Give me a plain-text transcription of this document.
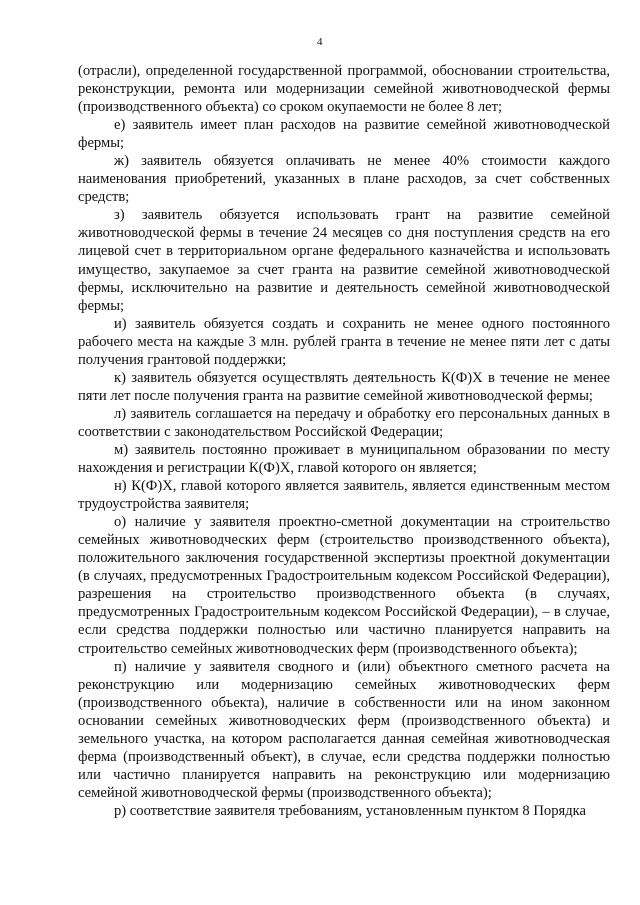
4

(отрасли), определенной государственной программой, обосновании строительства, реконструкции, ремонта или модернизации семейной животноводческой фермы (производственного объекта) со сроком окупаемости не более 8 лет;

е) заявитель имеет план расходов на развитие семейной животноводческой фермы;

ж) заявитель обязуется оплачивать не менее 40% стоимости каждого наименования приобретений, указанных в плане расходов, за счет собственных средств;

з) заявитель обязуется использовать грант на развитие семейной животноводческой фермы в течение 24 месяцев со дня поступления средств на его лицевой счет в территориальном органе федерального казначейства и использовать имущество, закупаемое за счет гранта на развитие семейной животноводческой фермы, исключительно на развитие и деятельность семейной животноводческой фермы;

и) заявитель обязуется создать и сохранить не менее одного постоянного рабочего места на каждые 3 млн. рублей гранта в течение не менее пяти лет с даты получения грантовой поддержки;

к) заявитель обязуется осуществлять деятельность К(Ф)Х в течение не менее пяти лет после получения гранта на развитие семейной животноводческой фермы;

л) заявитель соглашается на передачу и обработку его персональных данных в соответствии с законодательством Российской Федерации;

м) заявитель постоянно проживает в муниципальном образовании по месту нахождения и регистрации К(Ф)Х, главой которого он является;

н) К(Ф)Х, главой которого является заявитель, является единственным местом трудоустройства заявителя;

о) наличие у заявителя проектно-сметной документации на строительство семейных животноводческих ферм (строительство производственного объекта), положительного заключения государственной экспертизы проектной документации (в случаях, предусмотренных Градостроительным кодексом Российской Федерации), разрешения на строительство производственного объекта (в случаях, предусмотренных Градостроительным кодексом Российской Федерации), – в случае, если средства поддержки полностью или частично планируется направить на строительство семейных животноводческих ферм (производственного объекта);

п) наличие у заявителя сводного и (или) объектного сметного расчета на реконструкцию или модернизацию семейных животноводческих ферм (производственного объекта), наличие в собственности или на ином законном основании семейных животноводческих ферм (производственного объекта) и земельного участка, на котором располагается данная семейная животноводческая ферма (производственный объект), в случае, если средства поддержки полностью или частично планируется направить на реконструкцию или модернизацию семейной животноводческой фермы (производственного объекта);

р) соответствие заявителя требованиям, установленным пунктом 8 Порядка
